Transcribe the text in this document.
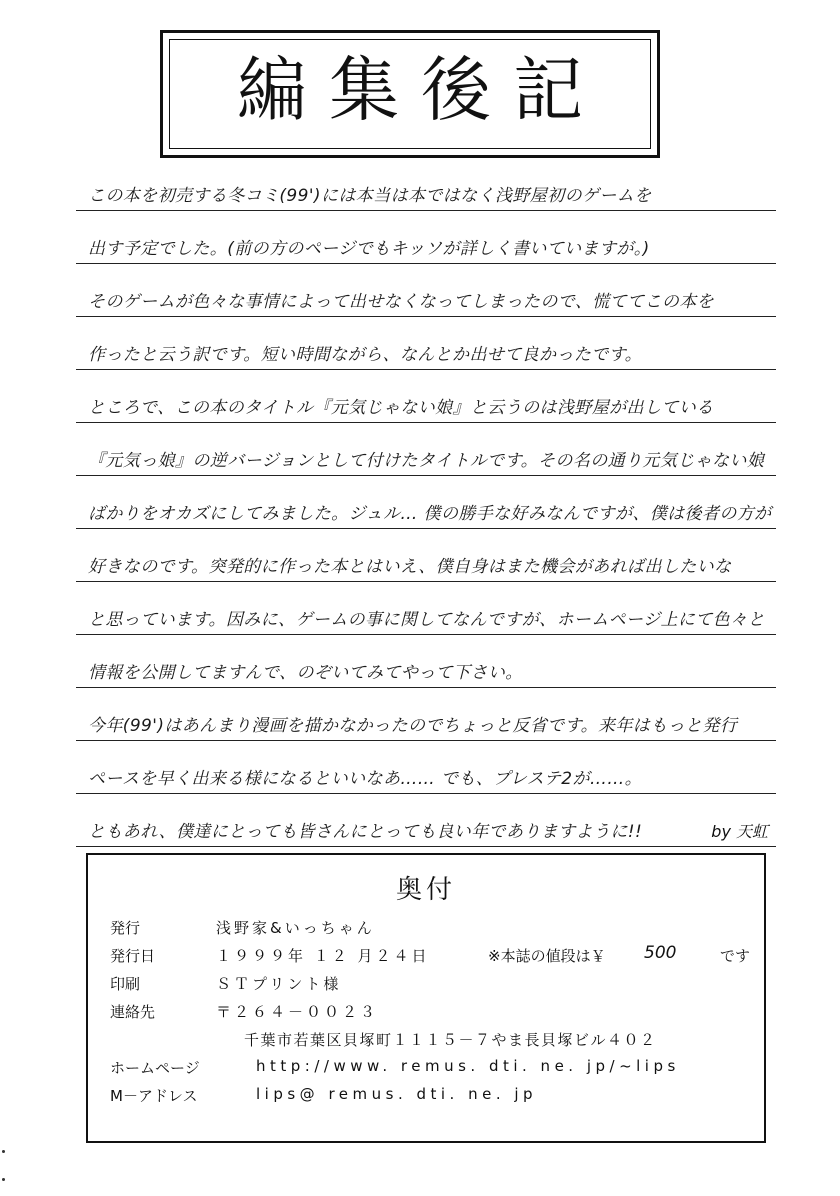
編集後記
この本を初売する冬コミ(99')には本当は本ではなく浅野屋初のゲームを
出す予定でした。(前の方のページでもキッソが詳しく書いていますが。)
そのゲームが色々な事情によって出せなくなってしまったので、慌ててこの本を
作ったと云う訳です。短い時間ながら、なんとか出せて良かったです。
ところで、この本のタイトル『元気じゃない娘』と云うのは浅野屋が出している
『元気っ娘』の逆バージョンとして付けたタイトルです。その名の通り元気じゃない娘
ばかりをオカズにしてみました。ジュル… 僕の勝手な好みなんですが、僕は後者の方が
好きなのです。突発的に作った本とはいえ、僕自身はまた機会があれば出したいな
と思っています。因みに、ゲームの事に関してなんですが、ホームページ上にて色々と
情報を公開してますんで、のぞいてみてやって下さい。
今年(99')はあんまり漫画を描かなかったのでちょっと反省です。来年はもっと発行
ペースを早く出来る様になるといいなあ…… でも、プレステ2が……。
ともあれ、僕達にとっても皆さんにとっても良い年でありますように!!	by 天虹
奥付
発行	浅野家&いっちゃん
発行日	１９９９年 １２ 月２４日	※本誌の値段は￥ 500	です
印刷	ＳＴプリント様
連絡先	〒２６４－００２３
千葉市若葉区貝塚町１１１５－７やま長貝塚ビル４０２
ホームページ	http://www. remus. dti. ne. jp/~lips
M－アドレス	lips@ remus. dti. ne. jp
